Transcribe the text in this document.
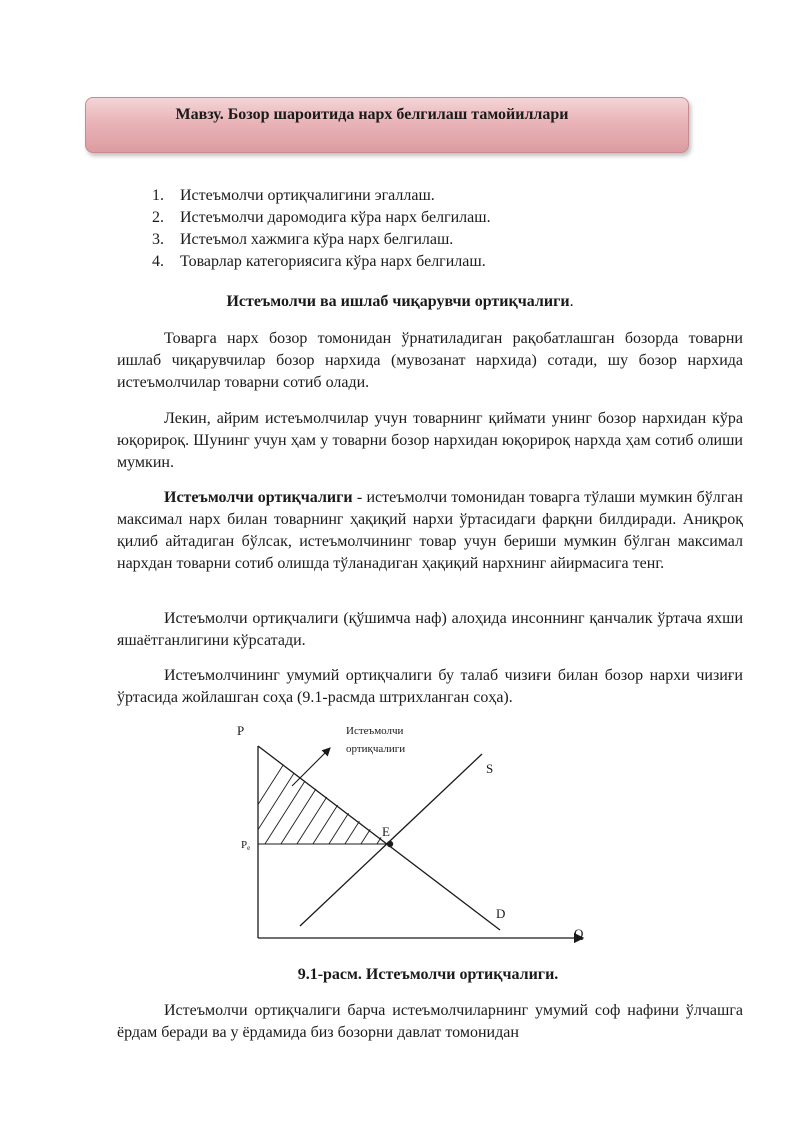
Мавзу. Бозор шароитида нарх белгилаш тамойиллари
1.	Истеъмолчи ортиқчалигини эгаллаш.
2.	Истеъмолчи даромодига кўра нарх белгилаш.
3.	Истеъмол хажмига кўра нарх белгилаш.
4.	Товарлар категориясига кўра нарх белгилаш.
Истеъмолчи ва ишлаб чиқарувчи ортиқчалиги.

Товарга нарх бозор томонидан ўрнатиладиган рақобатлашган бозорда товарни ишлаб чиқарувчилар бозор нархида (мувозанат нархида) сотади, шу бозор нархида истеъмолчилар товарни сотиб олади.

Лекин, айрим истеъмолчилар учун товарнинг қиймати унинг бозор нархидан кўра юқорироқ. Шунинг учун ҳам у товарни бозор нархидан юқорироқ нархда ҳам сотиб олиши мумкин.

Истеъмолчи ортиқчалиги - истеъмолчи томонидан товарга тўлаши мумкин бўлган максимал нарх билан товарнинг ҳақиқий нархи ўртасидаги фарқни билдиради. Аниқроқ қилиб айтадиган бўлсак, истеъмолчининг товар учун бериши мумкин бўлган максимал нархдан товарни сотиб олишда тўланадиган ҳақиқий нархнинг айирмасига тенг.

Истеъмолчи ортиқчалиги (қўшимча наф) алоҳида инсоннинг қанчалик ўртача яхши яшаётганлигини кўрсатади.

Истеъмолчининг умумий ортиқчалиги бу талаб чизиғи билан бозор нархи чизиғи ўртасида жойлашган соҳа (9.1-расмда штрихланган соҳа).

P
Q
Истеъмолчи
ортиқчалиги
S
D
E
Pe
9.1-расм. Истеъмолчи ортиқчалиги.

Истеъмолчи ортиқчалиги барча истеъмолчиларнинг умумий соф нафини ўлчашга ёрдам беради ва у ёрдамида биз бозорни давлат томонидан
